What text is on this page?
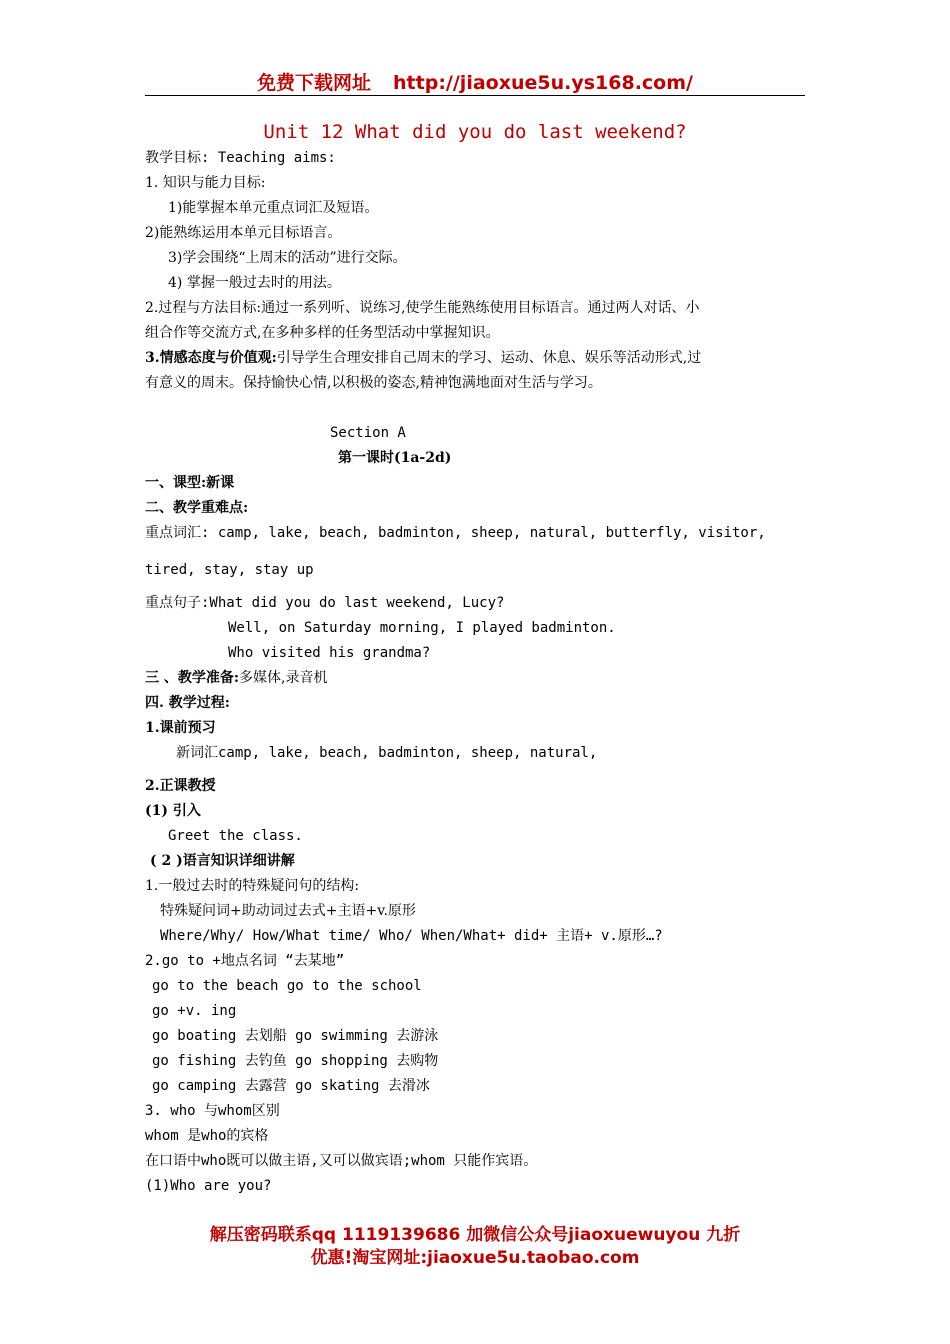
免费下载网址 http://jiaoxue5u.ys168.com/
Unit 12 What did you do last weekend?
教学目标: Teaching aims:
1. 知识与能力目标:
1)能掌握本单元重点词汇及短语。
2)能熟练运用本单元目标语言。
3)学会围绕“上周末的活动”进行交际。
4) 掌握一般过去时的用法。
2.过程与方法目标:通过一系列听、说练习,使学生能熟练使用目标语言。通过两人对话、小
组合作等交流方式,在多种多样的任务型活动中掌握知识。
3.情感态度与价值观:引导学生合理安排自己周末的学习、运动、休息、娱乐等活动形式,过
有意义的周末。保持愉快心情,以积极的姿态,精神饱满地面对生活与学习。
Section A
第一课时(1a-2d)
一、课型:新课
二、教学重难点:
重点词汇: camp, lake, beach, badminton, sheep, natural, butterfly, visitor,
tired, stay, stay up
重点句子:What did you do last weekend, Lucy?
Well, on Saturday morning, I played badminton.
Who visited his grandma?
三 、教学准备:多媒体,录音机
四. 教学过程:
1.课前预习
新词汇camp, lake, beach, badminton, sheep, natural,
2.正课教授
(1) 引入
Greet the class.
( 2 )语言知识详细讲解
1.一般过去时的特殊疑问句的结构:
特殊疑问词+助动词过去式+主语+v.原形
Where/Why/ How/What time/ Who/ When/What+ did+ 主语+ v.原形…?
2.go to +地点名词 “去某地”
go to the beach go to the school
go +v. ing
go boating 去划船 go swimming 去游泳
go fishing 去钓鱼 go shopping 去购物
go camping 去露营 go skating 去滑冰
3. who 与whom区别
whom 是who的宾格
在口语中who既可以做主语,又可以做宾语;whom 只能作宾语。
(1)Who are you?
解压密码联系qq 1119139686 加微信公众号jiaoxuewuyou 九折
优惠!淘宝网址:jiaoxue5u.taobao.com
